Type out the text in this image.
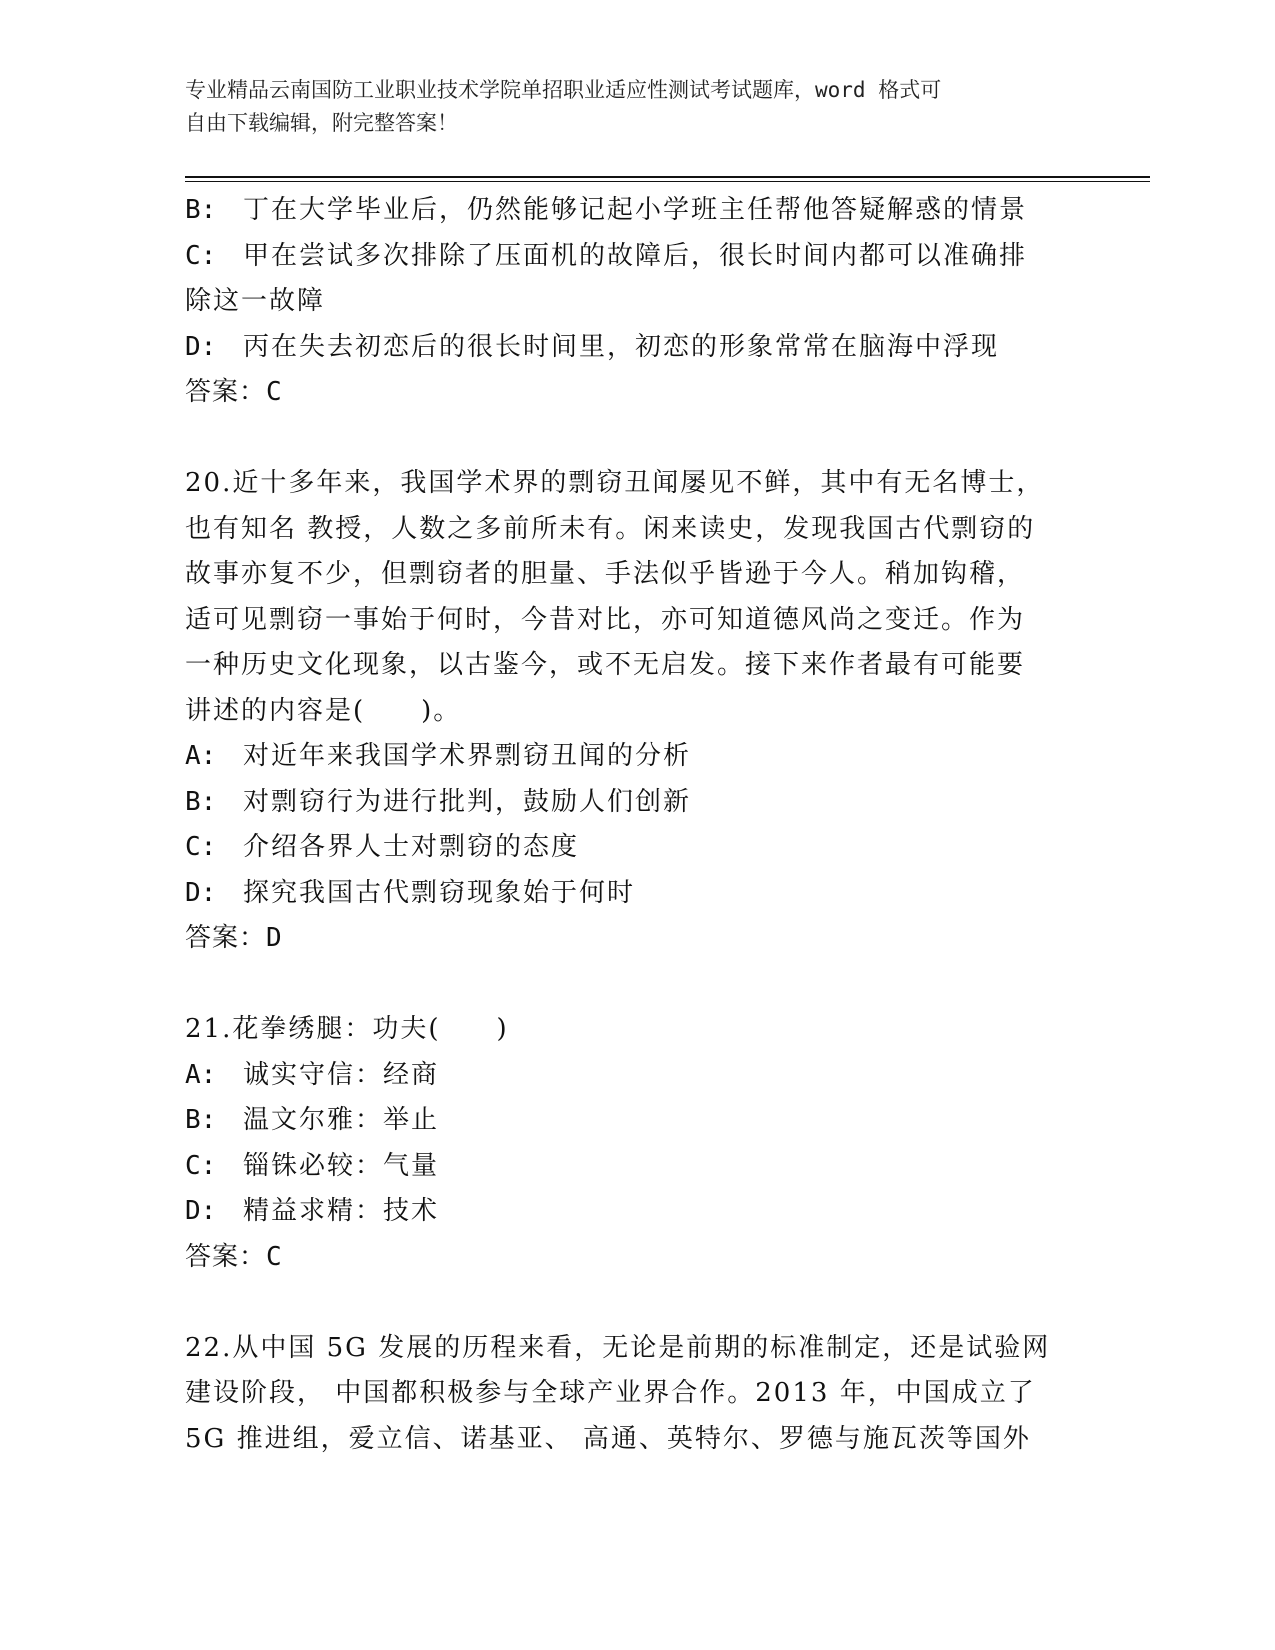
专业精品云南国防工业职业技术学院单招职业适应性测试考试题库，word 格式可
自由下载编辑，附完整答案！
B: 丁在大学毕业后，仍然能够记起小学班主任帮他答疑解惑的情景
C: 甲在尝试多次排除了压面机的故障后，很长时间内都可以准确排
除这一故障
D: 丙在失去初恋后的很长时间里，初恋的形象常常在脑海中浮现
答案：C
20.近十多年来，我国学术界的剽窃丑闻屡见不鲜，其中有无名博士，
也有知名 教授，人数之多前所未有。闲来读史，发现我国古代剽窃的
故事亦复不少，但剽窃者的胆量、手法似乎皆逊于今人。稍加钩稽，
适可见剽窃一事始于何时，今昔对比，亦可知道德风尚之变迁。作为
一种历史文化现象，以古鉴今，或不无启发。接下来作者最有可能要
讲述的内容是(　　)。
A: 对近年来我国学术界剽窃丑闻的分析
B: 对剽窃行为进行批判，鼓励人们创新
C: 介绍各界人士对剽窃的态度
D: 探究我国古代剽窃现象始于何时
答案：D
21.花拳绣腿：功夫(　　)
A: 诚实守信：经商
B: 温文尔雅：举止
C: 锱铢必较：气量
D: 精益求精：技术
答案：C
22.从中国 5G 发展的历程来看，无论是前期的标准制定，还是试验网
建设阶段， 中国都积极参与全球产业界合作。2013 年，中国成立了
5G 推进组，爱立信、诺基亚、 高通、英特尔、罗德与施瓦茨等国外
